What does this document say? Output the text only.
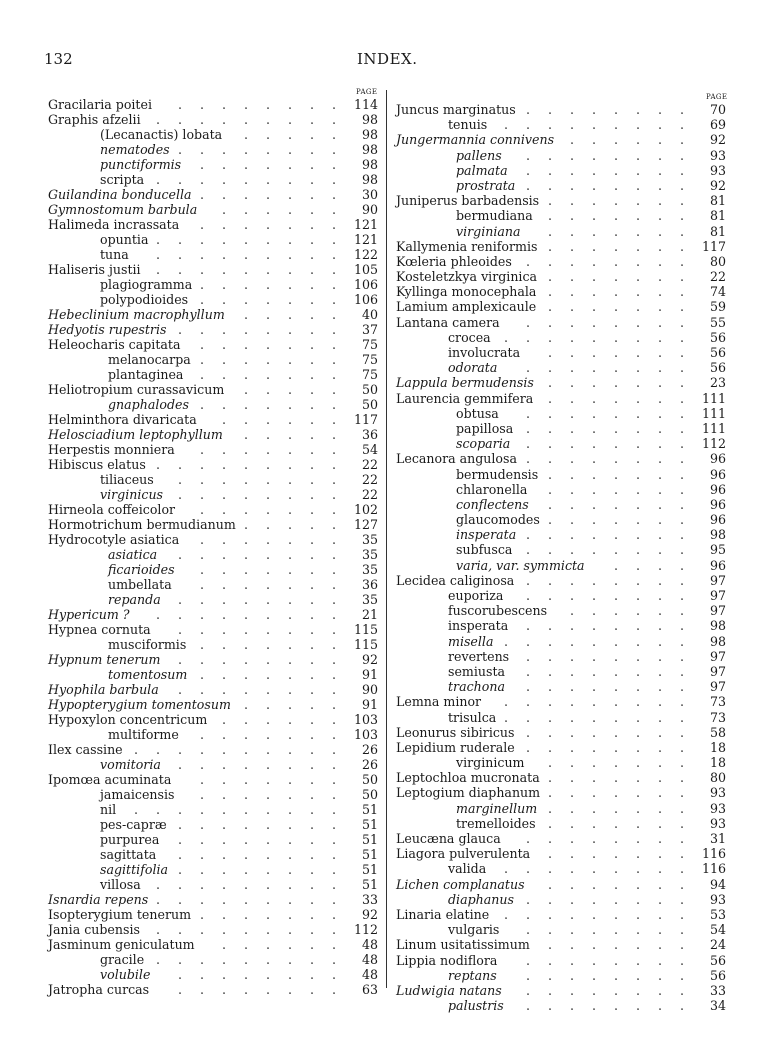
132	INDEX.
PAGE
PAGE
Gracilaria poitei ........ 114
Graphis afzelii ......... 98
(Lecanactis) lobata ..... 98
nematodes ........ 98
punctiformis ....... 98
scripta ......... 98
Guilandina bonducella ....... 30
Gymnostomum barbula ...... 90
Halimeda incrassata ....... 121
opuntia ......... 121
tuna ......... 122
Haliseris justii ......... 105
plagiogramma ....... 106
polypodioides ....... 106
Hebeclinium macrophyllum ..... 40
Hedyotis rupestris ........ 37
Heleocharis capitata ....... 75
melanocarpa ....... 75
plantaginea ....... 75
Heliotropium curassavicum ..... 50
gnaphalodes ....... 50
Helminthora divaricata ...... 117
Helosciadium leptophyllum ..... 36
Herpestis monniera ....... 54
Hibiscus elatus ......... 22
tiliaceus ........ 22
virginicus ........ 22
Hirneola coffeicolor ....... 102
Hormotrichum bermudianum ..... 127
Hydrocotyle asiatica ....... 35
asiatica ........ 35
ficarioides ....... 35
umbellata ....... 36
repanda ........ 35
Hypericum ? ......... 21
Hypnea cornuta ........ 115
musciformis ....... 115
Hypnum tenerum ........ 92
tomentosum ....... 91
Hyophila barbula ........ 90
Hypopterygium tomentosum ..... 91
Hypoxylon concentricum ...... 103
multiforme ....... 103
Ilex cassine .......... 26
vomitoria ........ 26
Ipomœa acuminata ....... 50
jamaicensis ....... 50
nil .......... 51
pes-capræ ........ 51
purpurea ........ 51
sagittata ........ 51
sagittifolia ........ 51
villosa ......... 51
Isnardia repens ......... 33
Isopterygium tenerum ....... 92
Jania cubensis ......... 112
Jasminum geniculatum ...... 48
gracile ......... 48
volubile ........ 48
Jatropha curcas ........ 63
Juncus marginatus ........ 70
tenuis ......... 69
Jungermannia connivens ...... 92
pallens ........ 93
palmata ........ 93
prostrata ........ 92
Juniperus barbadensis ....... 81
bermudiana ....... 81
virginiana ....... 81
Kallymenia reniformis ....... 117
Kœleria phleoides ........ 80
Kosteletzkya virginica ....... 22
Kyllinga monocephala ....... 74
Lamium amplexicaule ....... 59
Lantana camera ........ 55
crocea ......... 56
involucrata ....... 56
odorata ........ 56
Lappula bermudensis ....... 23
Laurencia gemmifera ....... 111
obtusa ........ 111
papillosa ........ 111
scoparia ........ 112
Lecanora angulosa ........ 96
bermudensis ....... 96
chlaronella ....... 96
conflectens ....... 96
glaucomodes ....... 96
insperata ........ 98
subfusca ........ 95
varia, var. symmicta .... 96
Lecidea caliginosa ........ 97
euporiza ........ 97
fuscorubescens ...... 97
insperata ........ 98
misella ......... 98
revertens ........ 97
semiusta ........ 97
trachona ........ 97
Lemna minor ......... 73
trisulca ......... 73
Leonurus sibiricus ........ 58
Lepidium ruderale ........ 18
virginicum ....... 18
Leptochloa mucronata ....... 80
Leptogium diaphanum ....... 93
marginellum ....... 93
tremelloides ....... 93
Leucæna glauca ........ 31
Liagora pulverulenta ....... 116
valida ......... 116
Lichen complanatus ....... 94
diaphanus ........ 93
Linaria elatine ......... 53
vulgaris ........ 54
Linum usitatissimum ....... 24
Lippia nodiflora ........ 56
reptans ........ 56
Ludwigia natans ........ 33
palustris ........ 34
